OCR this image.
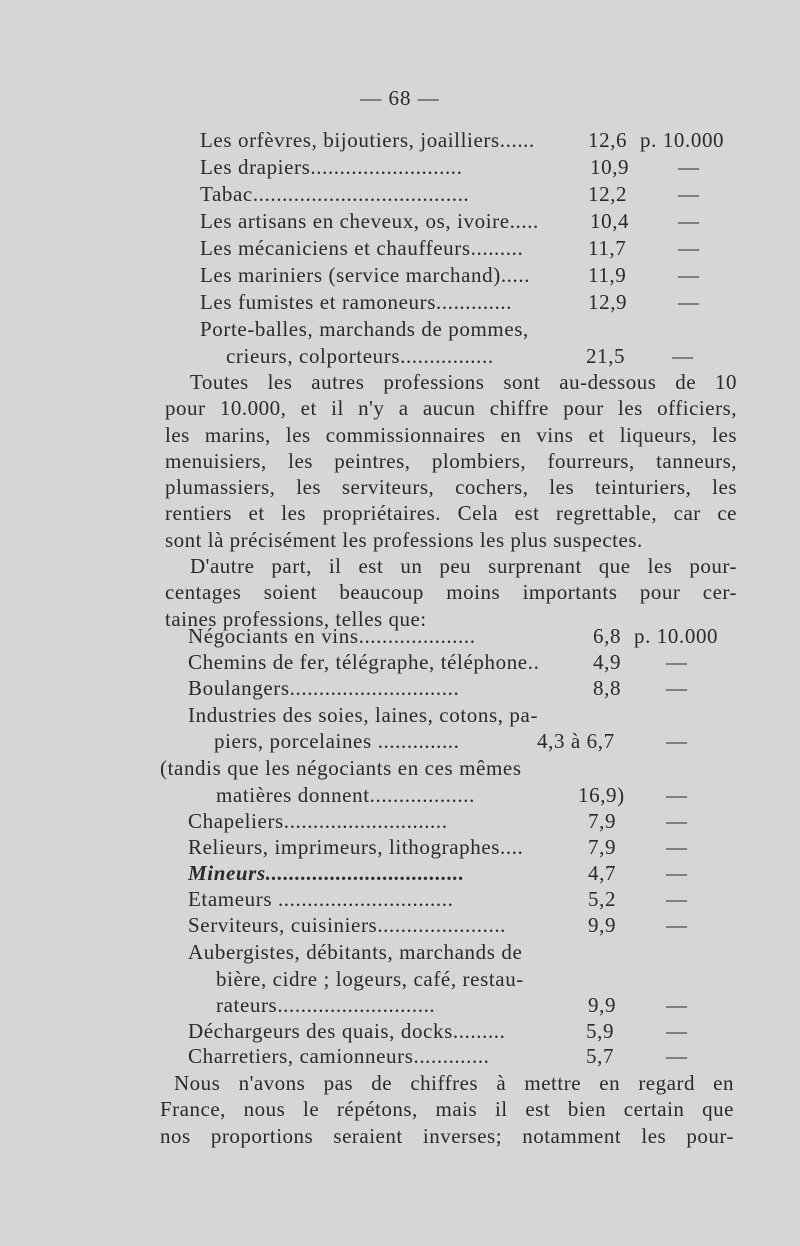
— 68 —
Les orfèvres, bijoutiers, joailliers......	12,6 p. 10.000
Les drapiers..........................	10,9 —
Tabac.....................................	12,2 —
Les artisans en cheveux, os, ivoire..... 10,4 —
Les mécaniciens et chauffeurs.........	11,7 —
Les mariniers (service marchand).....	11,9 —
Les fumistes et ramoneurs.............	12,9 —
Porte-balles, marchands de pommes,
crieurs, colporteurs................	21,5 —
Toutes les autres professions sont au-dessous de 10
pour 10.000, et il n'y a aucun chiffre pour les officiers,
les marins, les commissionnaires en vins et liqueurs, les
menuisiers, les peintres, plombiers, fourreurs, tanneurs,
plumassiers, les serviteurs, cochers, les teinturiers, les
rentiers et les propriétaires. Cela est regrettable, car ce
sont là précisément les professions les plus suspectes.
D'autre part, il est un peu surprenant que les pour-
centages soient beaucoup moins importants pour cer-
taines professions, telles que:
Négociants en vins....................	6,8 p. 10.000
Chemins de fer, télégraphe, téléphone..	4,9 —
Boulangers.............................	8,8 —
Industries des soies, laines, cotons, pa-
piers, porcelaines ..............	4,3 à 6,7 —
(tandis que les négociants en ces mêmes
matières donnent..................	16,9) —
Chapeliers............................	7,9 —
Relieurs, imprimeurs, lithographes....	7,9 —
Mineurs..................................	4,7 —
Etameurs ..............................	5,2 —
Serviteurs, cuisiniers......................	9,9 —
Aubergistes, débitants, marchands de
bière, cidre ; logeurs, café, restau-
rateurs...........................	9,9 —
Déchargeurs des quais, docks.........	5,9 —
Charretiers, camionneurs.............	5,7 —
Nous n'avons pas de chiffres à mettre en regard en
France, nous le répétons, mais il est bien certain que
nos proportions seraient inverses; notamment les pour-
